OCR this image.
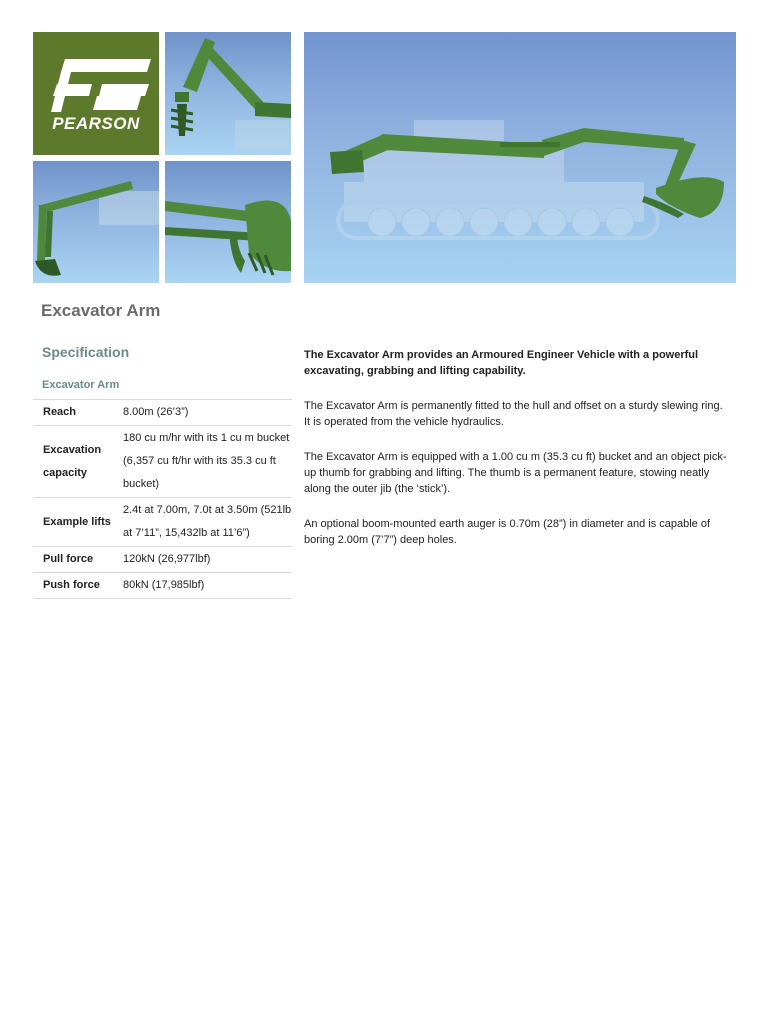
PEARSON
Excavator Arm
Specification
Excavator Arm
Reach	8.00m (26’3”)
Excavation capacity	180 cu m/hr with its 1 cu m bucket (6,357 cu ft/hr with its 35.3 cu ft bucket)
Example lifts	2.4t at 7.00m, 7.0t at 3.50m (521lb at 7’11”, 15,432lb at 11’6”)
Pull force	120kN (26,977lbf)
Push force	80kN (17,985lbf)

The Excavator Arm provides an Armoured Engineer Vehicle with a powerful excavating, grabbing and lifting capability.

The Excavator Arm is permanently fitted to the hull and offset on a sturdy slewing ring. It is operated from the vehicle hydraulics.

The Excavator Arm is equipped with a 1.00 cu m (35.3 cu ft) bucket and an object pick-up thumb for grabbing and lifting. The thumb is a permanent feature, stowing neatly along the outer jib (the ‘stick’).

An optional boom-mounted earth auger is 0.70m (28”) in diameter and is capable of boring 2.00m (7’7”) deep holes.
